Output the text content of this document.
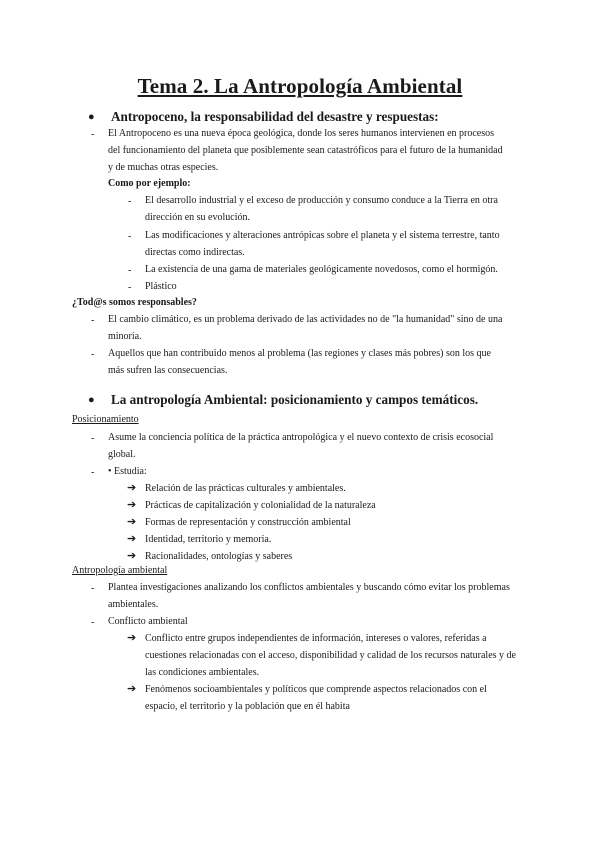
Tema 2. La Antropología Ambiental
● Antropoceno, la responsabilidad del desastre y respuestas:
- El Antropoceno es una nueva época geológica, donde los seres humanos intervienen en procesos
del funcionamiento del planeta que posiblemente sean catastróficos para el futuro de la humanidad
y de muchas otras especies.
Como por ejemplo:
- El desarrollo industrial y el exceso de producción y consumo conduce a la Tierra en otra
dirección en su evolución.
- Las modificaciones y alteraciones antrópicas sobre el planeta y el sistema terrestre, tanto
directas como indirectas.
- La existencia de una gama de materiales geológicamente novedosos, como el hormigón.
- Plástico
¿Tod@s somos responsables?
- El cambio climático, es un problema derivado de las actividades no de "la humanidad" sino de una
minoría.
- Aquellos que han contribuido menos al problema (las regiones y clases más pobres) son los que
más sufren las consecuencias.
● La antropología Ambiental: posicionamiento y campos temáticos.
Posicionamiento
- Asume la conciencia política de la práctica antropológica y el nuevo contexto de crisis ecosocial
global.
- • Estudia:
➔ Relación de las prácticas culturales y ambientales.
➔ Prácticas de capitalización y colonialidad de la naturaleza
➔ Formas de representación y construcción ambiental
➔ Identidad, territorio y memoria.
➔ Racionalidades, ontologías y saberes
Antropología ambiental
- Plantea investigaciones analizando los conflictos ambientales y buscando cómo evitar los problemas
ambientales.
- Conflicto ambiental
➔ Conflicto entre grupos independientes de información, intereses o valores, referidas a
cuestiones relacionadas con el acceso, disponibilidad y calidad de los recursos naturales y de
las condiciones ambientales.
➔ Fenómenos socioambientales y políticos que comprende aspectos relacionados con el
espacio, el territorio y la población que en él habita
